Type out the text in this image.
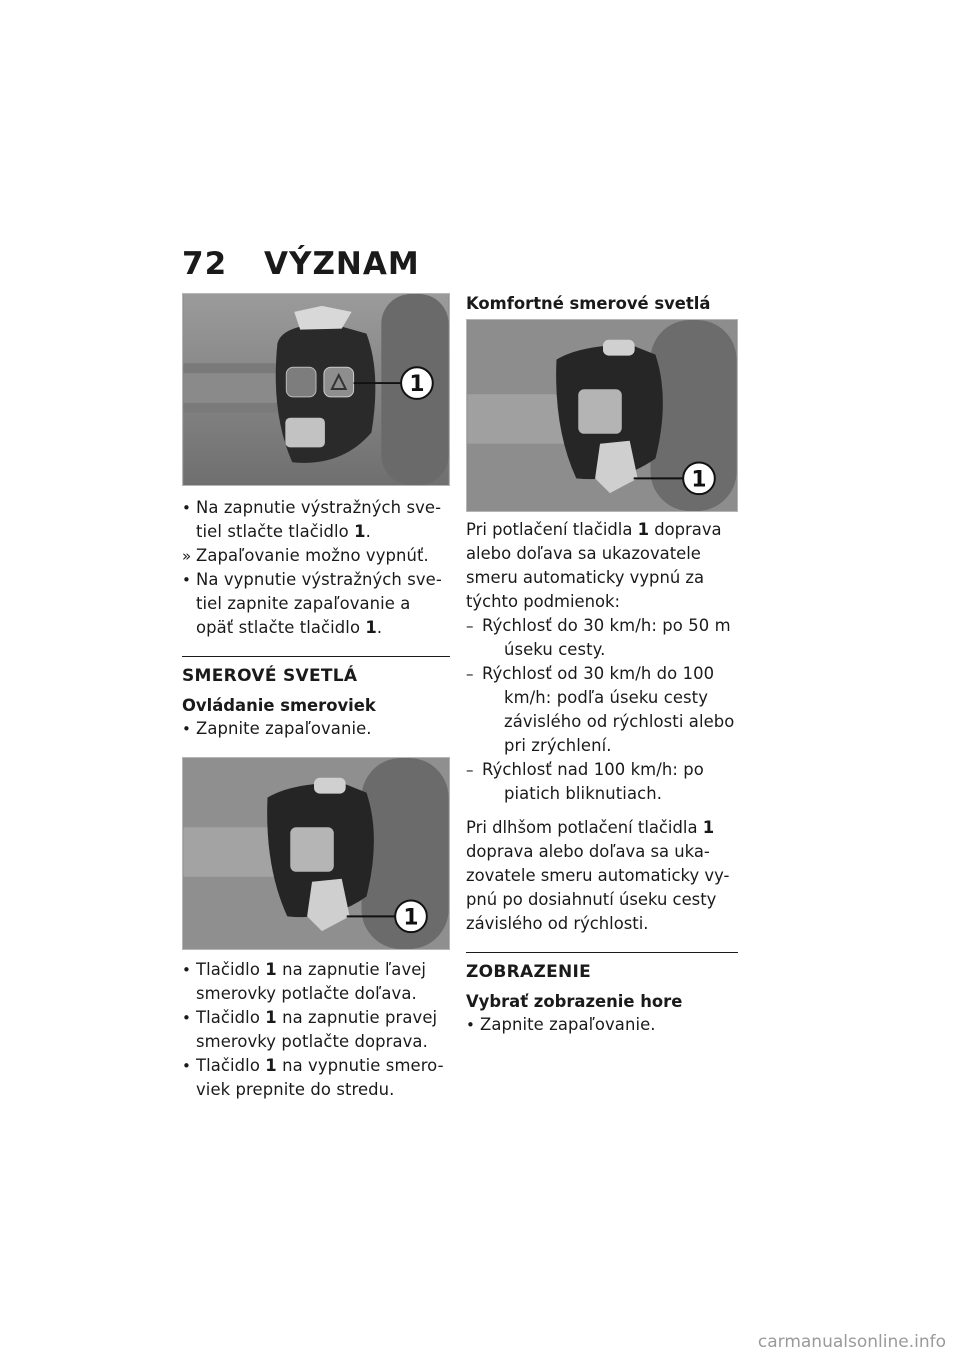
72 VÝZNAM
1
• Na zapnutie výstražných sve-tiel stlačte tlačidlo 1.
» Zapaľovanie možno vypnúť.
• Na vypnutie výstražných sve-tiel zapnite zapaľovanie a opäť stlačte tlačidlo 1.

SMEROVÉ SVETLÁ

Ovládanie smeroviek

• Zapnite zapaľovanie.
1
• Tlačidlo 1 na zapnutie ľavej smerovky potlačte doľava.
• Tlačidlo 1 na zapnutie pravej smerovky potlačte doprava.
• Tlačidlo 1 na vypnutie smero-viek prepnite do stredu.

Komfortné smerové svetlá

1

Pri potlačení tlačidla 1 doprava alebo doľava sa ukazovatele smeru automaticky vypnú za týchto podmienok:

– Rýchlosť do 30 km/h: po 50 m úseku cesty.
– Rýchlosť od 30 km/h do 100 km/h: podľa úseku cesty závislého od rýchlosti alebo pri zrýchlení.
– Rýchlosť nad 100 km/h: po piatich bliknutiach.

Pri dlhšom potlačení tlačidla 1 doprava alebo doľava sa uka-zovatele smeru automaticky vy-pnú po dosiahnutí úseku cesty závislého od rýchlosti.

ZOBRAZENIE

Vybrať zobrazenie hore

• Zapnite zapaľovanie.
carmanualsonline.info
